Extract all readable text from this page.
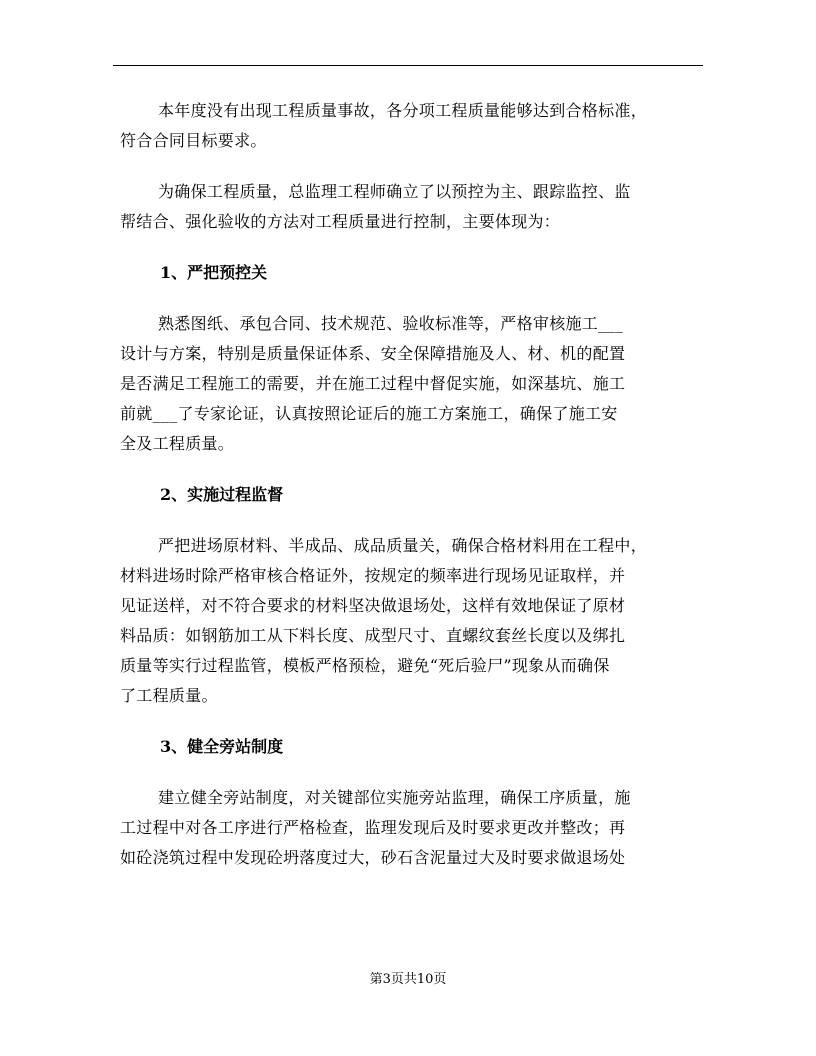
本年度没有出现工程质量事故，各分项工程质量能够达到合格标准，
符合合同目标要求。

为确保工程质量，总监理工程师确立了以预控为主、跟踪监控、监
帮结合、强化验收的方法对工程质量进行控制，主要体现为：

1、严把预控关

熟悉图纸、承包合同、技术规范、验收标准等，严格审核施工___
设计与方案，特别是质量保证体系、安全保障措施及人、材、机的配置
是否满足工程施工的需要，并在施工过程中督促实施，如深基坑、施工
前就___了专家论证，认真按照论证后的施工方案施工，确保了施工安
全及工程质量。

2、实施过程监督

严把进场原材料、半成品、成品质量关，确保合格材料用在工程中，
材料进场时除严格审核合格证外，按规定的频率进行现场见证取样，并
见证送样，对不符合要求的材料坚决做退场处，这样有效地保证了原材
料品质：如钢筋加工从下料长度、成型尺寸、直螺纹套丝长度以及绑扎
质量等实行过程监管，模板严格预检，避免“死后验尸”现象从而确保
了工程质量。

3、健全旁站制度

建立健全旁站制度，对关键部位实施旁站监理，确保工序质量，施
工过程中对各工序进行严格检查，监理发现后及时要求更改并整改；再
如砼浇筑过程中发现砼坍落度过大，砂石含泥量过大及时要求做退场处

第3页共10页
